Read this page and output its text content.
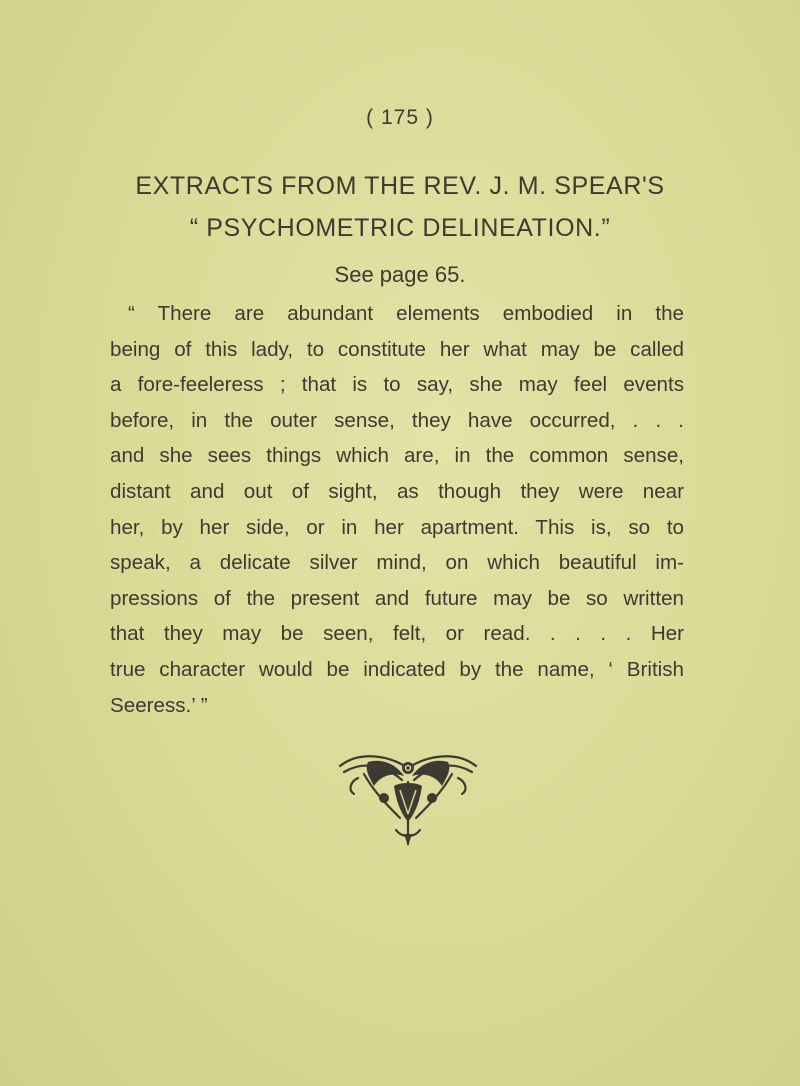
( 175 )
EXTRACTS FROM THE REV. J. M. SPEAR'S
“ PSYCHOMETRIC DELINEATION.”
See page 65.
“ There are abundant elements embodied in the
being of this lady, to constitute her what may be called
a fore-feeleress ; that is to say, she may feel events
before, in the outer sense, they have occurred, . . .
and she sees things which are, in the common sense,
distant and out of sight, as though they were near
her, by her side, or in her apartment. This is, so to
speak, a delicate silver mind, on which beautiful im-
pressions of the present and future may be so written
that they may be seen, felt, or read. . . . . Her
true character would be indicated by the name, ‘ British
Seeress.’ ”
